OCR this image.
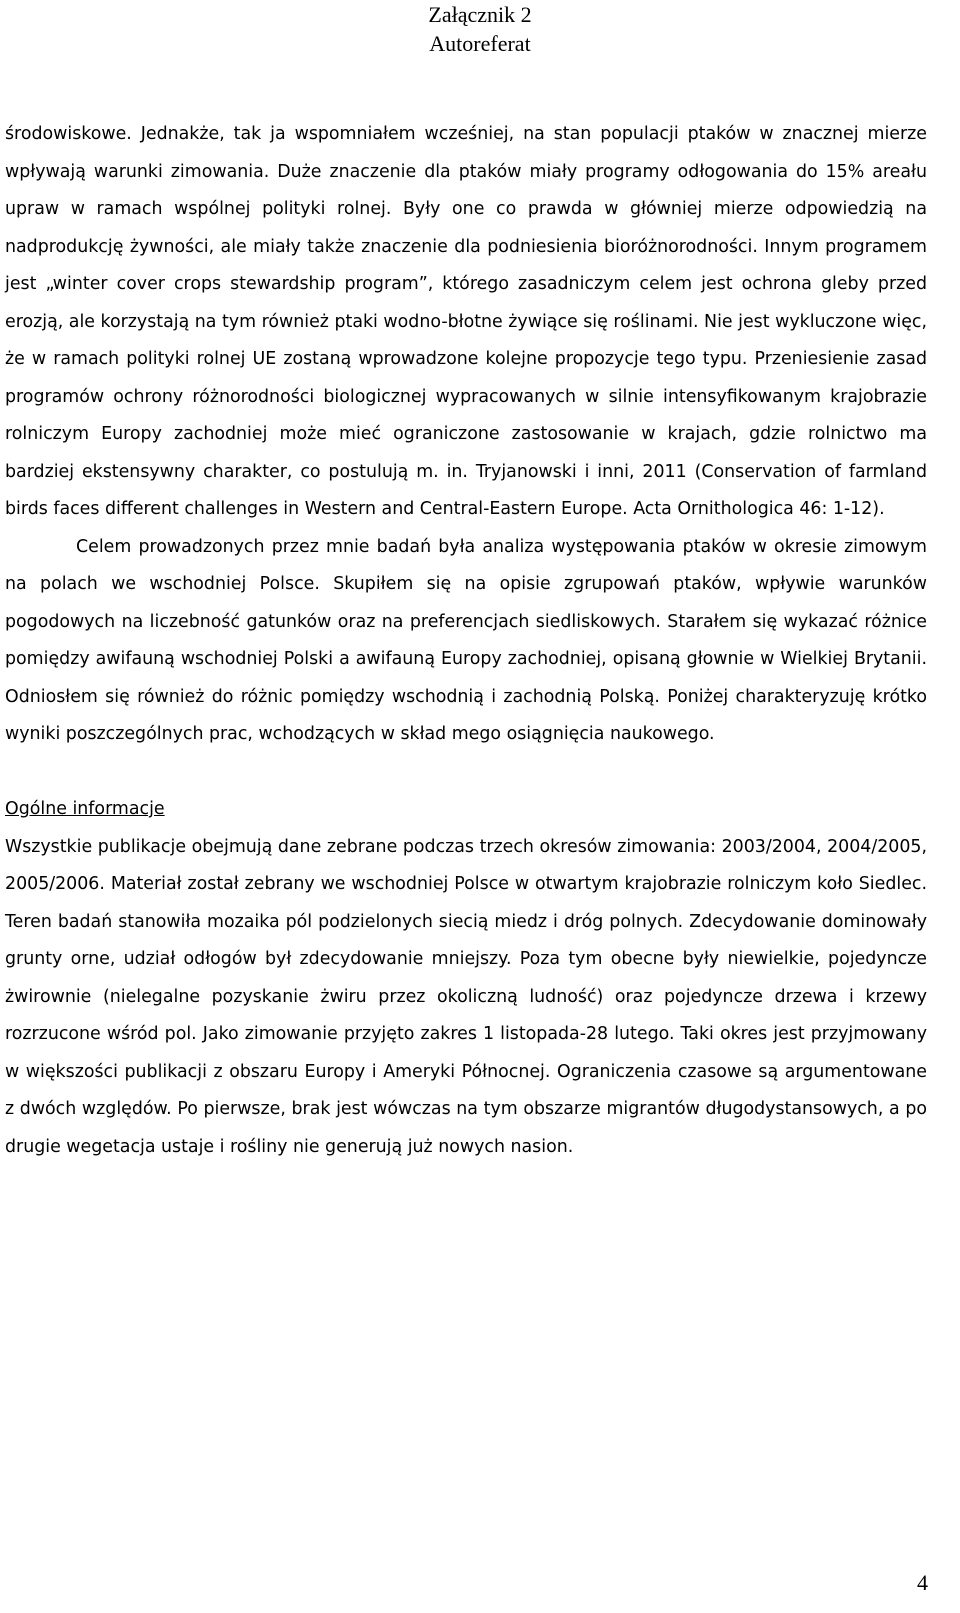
Załącznik 2
Autoreferat

środowiskowe. Jednakże, tak ja wspomniałem wcześniej, na stan populacji ptaków w znacznej mierze wpływają warunki zimowania. Duże znaczenie dla ptaków miały programy odłogowania do 15% areału upraw w ramach wspólnej polityki rolnej. Były one co prawda w główniej mierze odpowiedzią na nadprodukcję żywności, ale miały także znaczenie dla podniesienia bioróżnorodności. Innym programem jest „winter cover crops stewardship program”, którego zasadniczym celem jest ochrona gleby przed erozją, ale korzystają na tym również ptaki wodno-błotne żywiące się roślinami. Nie jest wykluczone więc, że w ramach polityki rolnej UE zostaną wprowadzone kolejne propozycje tego typu. Przeniesienie zasad programów ochrony różnorodności biologicznej wypracowanych w silnie intensyfikowanym krajobrazie rolniczym Europy zachodniej może mieć ograniczone zastosowanie w krajach, gdzie rolnictwo ma bardziej ekstensywny charakter, co postulują m. in. Tryjanowski i inni, 2011 (Conservation of farmland birds faces different challenges in Western and Central-Eastern Europe. Acta Ornithologica 46: 1-12).

Celem prowadzonych przez mnie badań była analiza występowania ptaków w okresie zimowym na polach we wschodniej Polsce. Skupiłem się na opisie zgrupowań ptaków, wpływie warunków pogodowych na liczebność gatunków oraz na preferencjach siedliskowych. Starałem się wykazać różnice pomiędzy awifauną wschodniej Polski a awifauną Europy zachodniej, opisaną głownie w Wielkiej Brytanii. Odniosłem się również do różnic pomiędzy wschodnią i zachodnią Polską. Poniżej charakteryzuję krótko wyniki poszczególnych prac, wchodzących w skład mego osiągnięcia naukowego.

Ogólne informacje

Wszystkie publikacje obejmują dane zebrane podczas trzech okresów zimowania: 2003/2004, 2004/2005, 2005/2006. Materiał został zebrany we wschodniej Polsce w otwartym krajobrazie rolniczym koło Siedlec. Teren badań stanowiła mozaika pól podzielonych siecią miedz i dróg polnych. Zdecydowanie dominowały grunty orne, udział odłogów był zdecydowanie mniejszy. Poza tym obecne były niewielkie, pojedyncze żwirownie (nielegalne pozyskanie żwiru przez okoliczną ludność) oraz pojedyncze drzewa i krzewy rozrzucone wśród pol. Jako zimowanie przyjęto zakres 1 listopada-28 lutego. Taki okres jest przyjmowany w większości publikacji z obszaru Europy i Ameryki Północnej. Ograniczenia czasowe są argumentowane z dwóch względów. Po pierwsze, brak jest wówczas na tym obszarze migrantów długodystansowych, a po drugie wegetacja ustaje i rośliny nie generują już nowych nasion.

4
